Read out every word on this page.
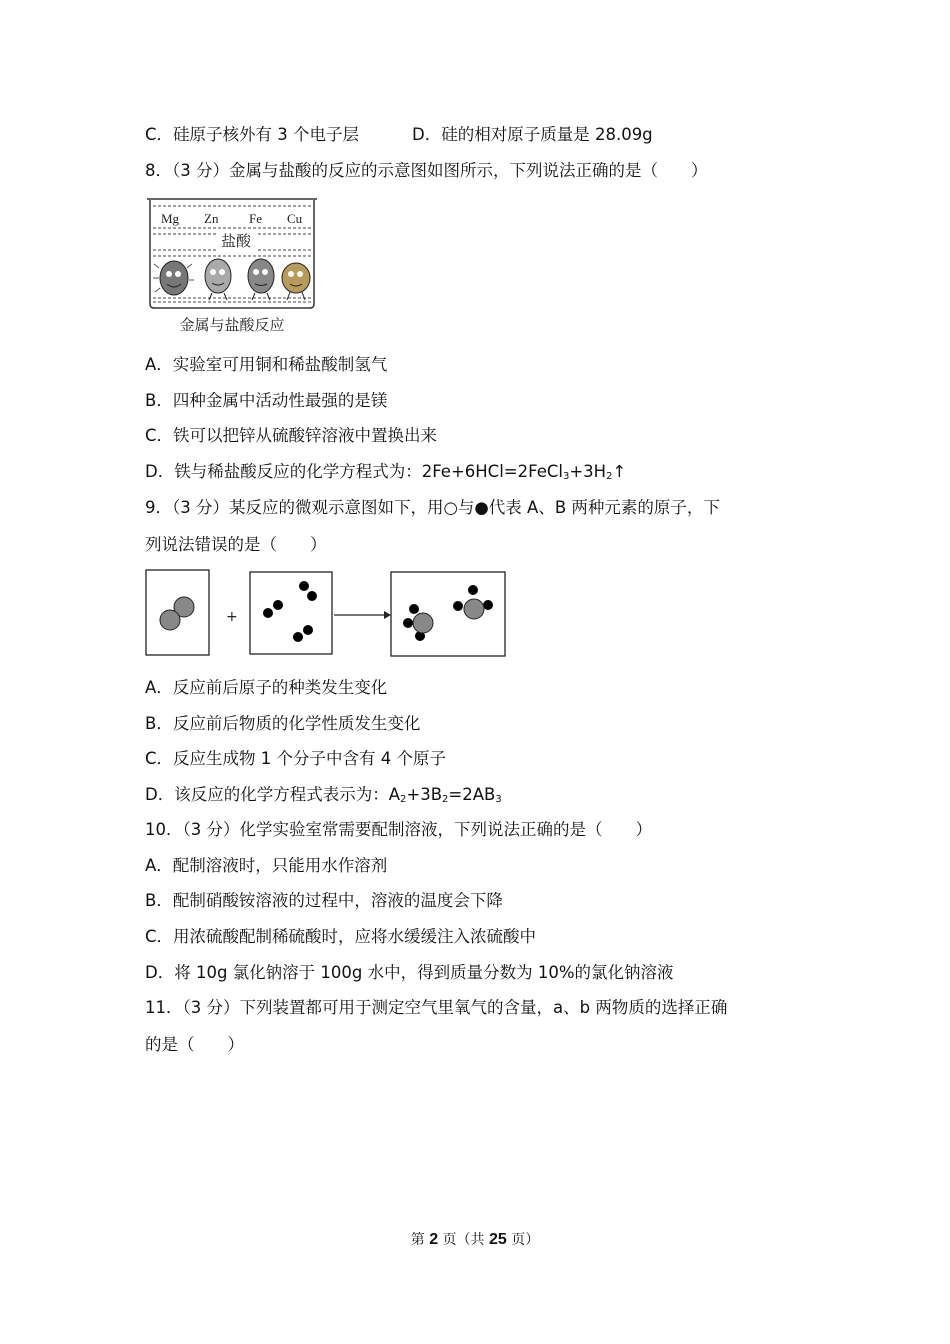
C．硅原子核外有 3 个电子层	D．硅的相对原子质量是 28.09g
8．（3 分）金属与盐酸的反应的示意图如图所示，下列说法正确的是（　　）
Mg Zn Fe Cu
盐酸
金属与盐酸反应
A．实验室可用铜和稀盐酸制氢气
B．四种金属中活动性最强的是镁
C．铁可以把锌从硫酸锌溶液中置换出来
D．铁与稀盐酸反应的化学方程式为：$2Fe+6HCl=2FeCl_3+3H_2↑$
9．（3 分）某反应的微观示意图如下，用○与●代表 A、B 两种元素的原子，下
列说法错误的是（　　）
+
A．反应前后原子的种类发生变化
B．反应前后物质的化学性质发生变化
C．反应生成物 1 个分子中含有 4 个原子
D．该反应的化学方程式表示为：$A_2+3B_2=2AB_3$
10．（3 分）化学实验室常需要配制溶液，下列说法正确的是（　　）
A．配制溶液时，只能用水作溶剂
B．配制硝酸铵溶液的过程中，溶液的温度会下降
C．用浓硫酸配制稀硫酸时，应将水缓缓注入浓硫酸中
D．将 10g 氯化钠溶于 100g 水中，得到质量分数为 10%的氯化钠溶液
11．（3 分）下列装置都可用于测定空气里氧气的含量，a、b 两物质的选择正确
的是（　　）
第 2 页（共 25 页）
